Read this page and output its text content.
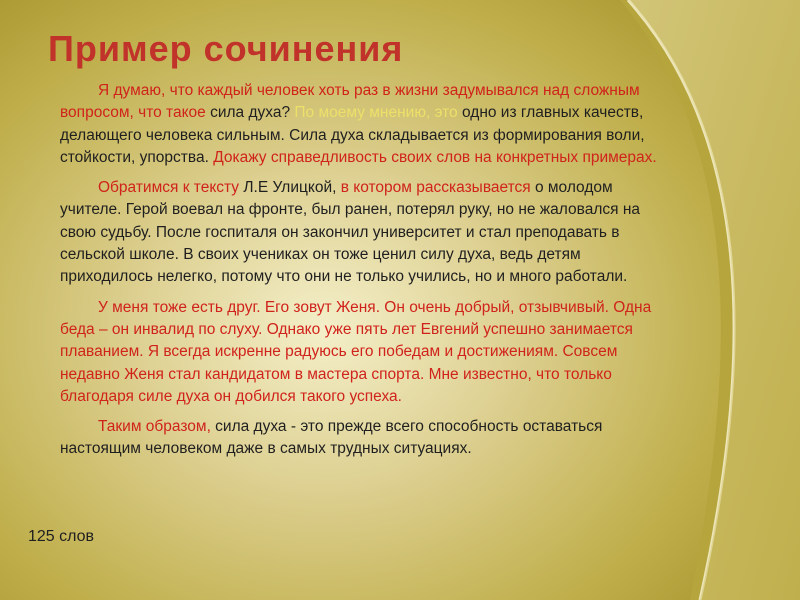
Пример сочинения

Я думаю, что каждый человек хоть раз в жизни задумывался над сложным вопросом, что такое сила духа? По моему мнению, это одно из главных качеств, делающего человека сильным. Сила духа складывается из формирования воли, стойкости, упорства. Докажу справедливость своих слов на конкретных примерах.

Обратимся к тексту Л.Е Улицкой, в котором рассказывается о молодом учителе. Герой воевал на фронте, был ранен, потерял руку, но не жаловался на свою судьбу. После госпиталя он закончил университет и стал преподавать в сельской школе. В своих учениках он тоже ценил силу духа, ведь детям приходилось нелегко, потому что они не только учились, но и много работали.

У меня тоже есть друг. Его зовут Женя. Он очень добрый, отзывчивый. Одна беда – он инвалид по слуху. Однако уже пять лет Евгений успешно занимается плаванием. Я всегда искренне радуюсь его победам и достижениям. Совсем недавно Женя стал кандидатом в мастера спорта. Мне известно, что только благодаря силе духа он добился такого успеха.

Таким образом, сила духа - это прежде всего способность оставаться настоящим человеком даже в самых трудных ситуациях.

125 слов
